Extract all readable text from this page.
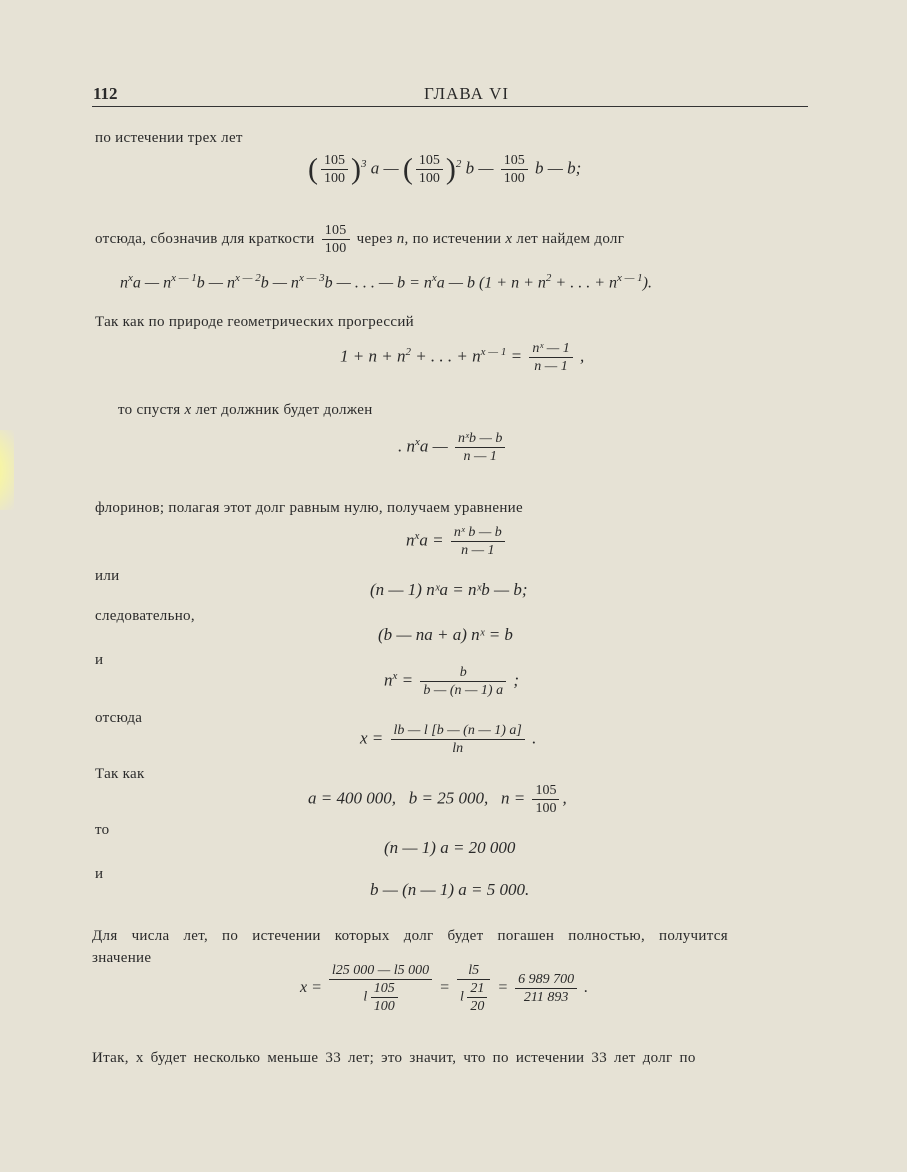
112	ГЛАВА VI
по истечении трех лет
( $\frac{105}{100} )^3$ a — ( $\frac{105}{100} )^2$ b — $\frac{105}{100}$ b — b;
отсюда, сбозначив для краткости $\frac{105}{100}$ через n, по истечении x лет найдем долг
$n^xa$ — $n^{x — 1}b$ — $n^{x — 2}b$ — $n^{x — 3}b$ — . . . — $b = n^xa$ — b ($1 + n + n^2$ + . . . + $n^{x — 1}$).
Так как по природе геометрических прогрессий
$1 + n + n^2$ + . . . + $n^{x — 1} = \frac{\text{nˣ — 1}}{n — 1}$ ,
то спустя x лет должник будет должен
. $n^xa$ — $\frac{\text{nˣb — b}}{n — 1}$
флоринов; полагая этот долг равным нулю, получаем уравнение
$n^xa = \frac{\text{nˣ b — b}}{n — 1}$
или
(n — 1) nˣa = nˣb — b;
следовательно,
(b — na + a) nˣ = b
и
$n^x = \frac{b}{b — (n — 1) a}$ ;
отсюда
$x = \frac{lb — l [b — (n — 1) a]}{\ln}$ .
Так как
a = 400 000, b = 25 000, $n = \frac{105}{100}$ ,
то
(n — 1) a = 20 000
и
b — (n — 1) a = 5 000.
Для числа лет, по истечении которых долг будет погашен полностью, получится
значение
$x = \frac{l25 000 — l5 000}{l \frac{105}{100}} = \frac{l5}{l \frac{21}{20}} = \frac{6 989 700}{211 893}$ .
Итак, x будет несколько меньше 33 лет; это значит, что по истечении 33 лет долг по
